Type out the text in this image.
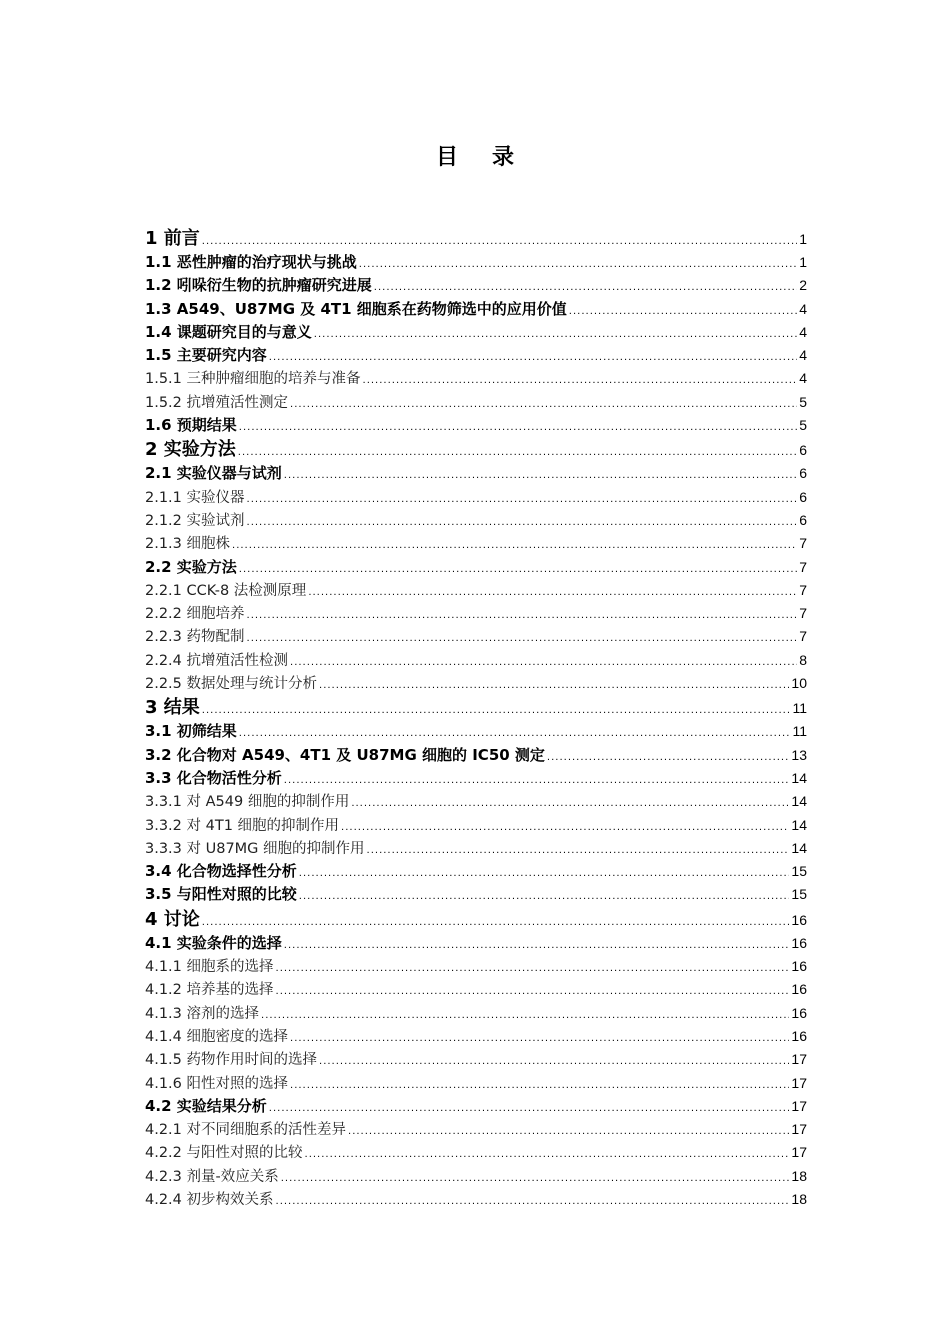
目录
1 前言 .....	1
1.1 恶性肿瘤的治疗现状与挑战 .....	1
1.2 吲哚衍生物的抗肿瘤研究进展 .....	2
1.3 A549、U87MG 及 4T1 细胞系在药物筛选中的应用价值 .....	4
1.4 课题研究目的与意义 .....	4
1.5 主要研究内容 .....	4
1.5.1 三种肿瘤细胞的培养与准备 .....	4
1.5.2 抗增殖活性测定 .....	5
1.6 预期结果 .....	5
2 实验方法 .....	6
2.1 实验仪器与试剂 .....	6
2.1.1 实验仪器 .....	6
2.1.2 实验试剂 .....	6
2.1.3 细胞株 .....	7
2.2 实验方法 .....	7
2.2.1 CCK-8 法检测原理 .....	7
2.2.2 细胞培养 .....	7
2.2.3 药物配制 .....	7
2.2.4 抗增殖活性检测 .....	8
2.2.5 数据处理与统计分析 .....	10
3 结果 .....	11
3.1 初筛结果 .....	11
3.2 化合物对 A549、4T1 及 U87MG 细胞的 IC50 测定 .....	13
3.3 化合物活性分析 .....	14
3.3.1 对 A549 细胞的抑制作用 .....	14
3.3.2 对 4T1 细胞的抑制作用 .....	14
3.3.3 对 U87MG 细胞的抑制作用 .....	14
3.4 化合物选择性分析 .....	15
3.5 与阳性对照的比较 .....	15
4 讨论 .....	16
4.1 实验条件的选择 .....	16
4.1.1 细胞系的选择 .....	16
4.1.2 培养基的选择 .....	16
4.1.3 溶剂的选择 .....	16
4.1.4 细胞密度的选择 .....	16
4.1.5 药物作用时间的选择 .....	17
4.1.6 阳性对照的选择 .....	17
4.2 实验结果分析 .....	17
4.2.1 对不同细胞系的活性差异 .....	17
4.2.2 与阳性对照的比较 .....	17
4.2.3 剂量-效应关系 .....	18
4.2.4 初步构效关系 .....	18
